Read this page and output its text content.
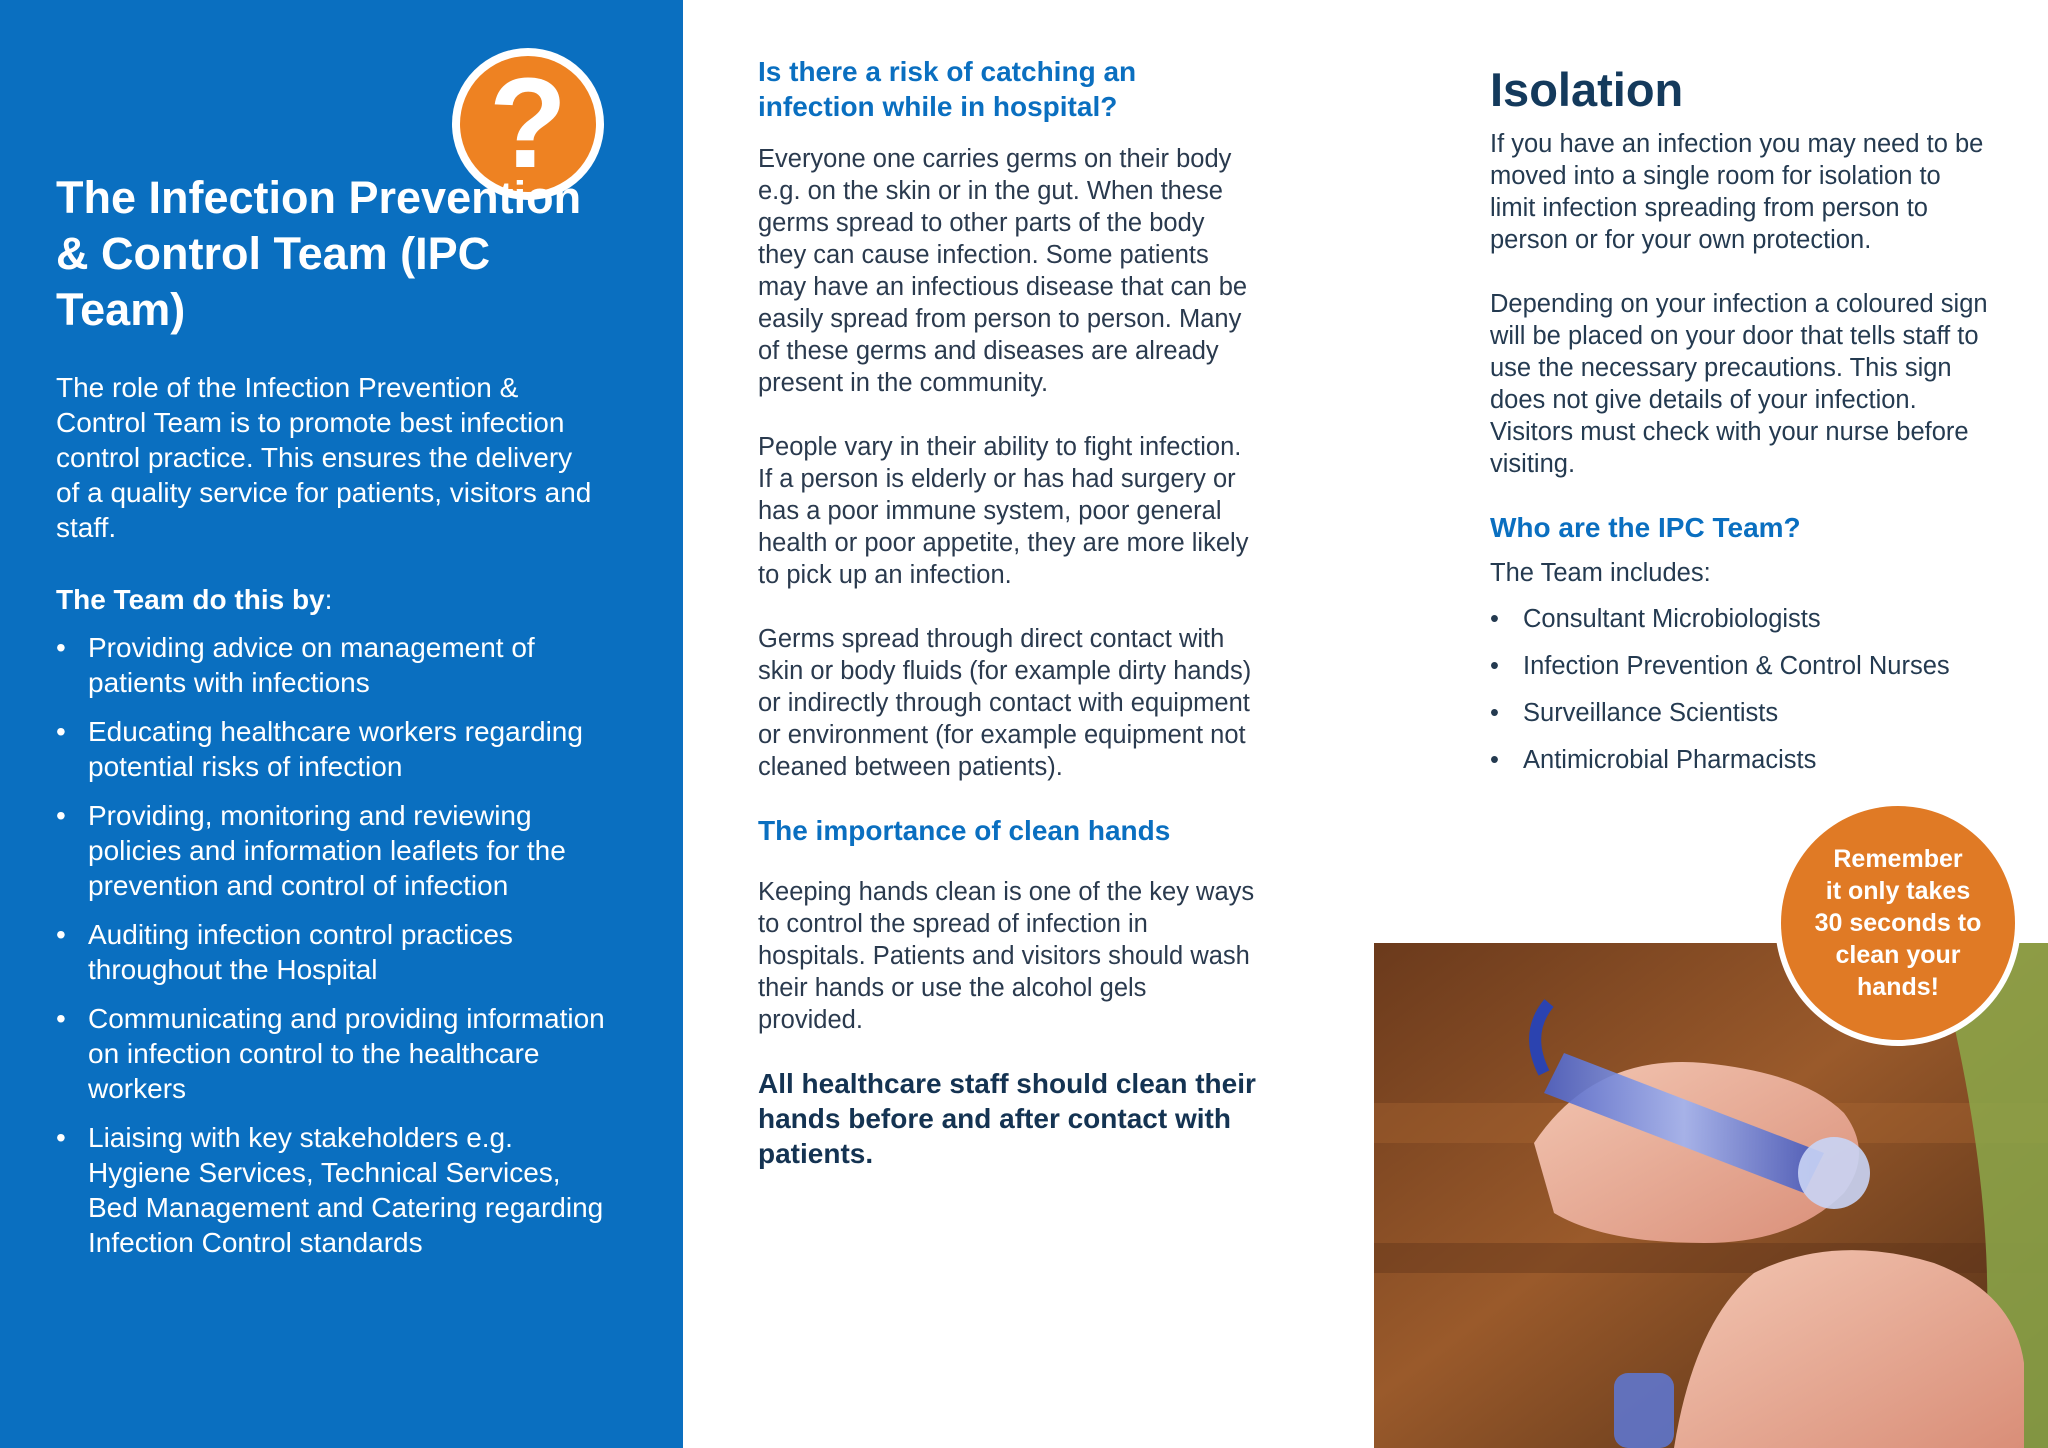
?
The Infection Prevention & Control Team (IPC Team)

The role of the Infection Prevention & Control Team is to promote best infection control practice. This ensures the delivery of a quality service for patients, visitors and staff.

The Team do this by:

• Providing advice on management of patients with infections
• Educating healthcare workers regarding potential risks of infection
• Providing, monitoring and reviewing policies and information leaflets for the prevention and control of infection
• Auditing infection control practices throughout the Hospital
• Communicating and providing information on infection control to the healthcare workers
• Liaising with key stakeholders e.g. Hygiene Services, Technical Services, Bed Management and Catering regarding Infection Control standards
Is there a risk of catching an infection while in hospital?

Everyone one carries germs on their body e.g. on the skin or in the gut. When these germs spread to other parts of the body they can cause infection. Some patients may have an infectious disease that can be easily spread from person to person. Many of these germs and diseases are already present in the community.

People vary in their ability to fight infection. If a person is elderly or has had surgery or has a poor immune system, poor general health or poor appetite, they are more likely to pick up an infection.

Germs spread through direct contact with skin or body fluids (for example dirty hands) or indirectly through contact with equipment or environment (for example equipment not cleaned between patients).

The importance of clean hands

Keeping hands clean is one of the key ways to control the spread of infection in hospitals. Patients and visitors should wash their hands or use the alcohol gels provided.

All healthcare staff should clean their hands before and after contact with patients.

Isolation

If you have an infection you may need to be moved into a single room for isolation to limit infection spreading from person to person or for your own protection.

Depending on your infection a coloured sign will be placed on your door that tells staff to use the necessary precautions. This sign does not give details of your infection. Visitors must check with your nurse before visiting.

Who are the IPC Team?

The Team includes:

• Consultant Microbiologists
• Infection Prevention & Control Nurses
• Surveillance Scientists
• Antimicrobial Pharmacists
Remember
it only takes
30 seconds to
clean your
hands!
